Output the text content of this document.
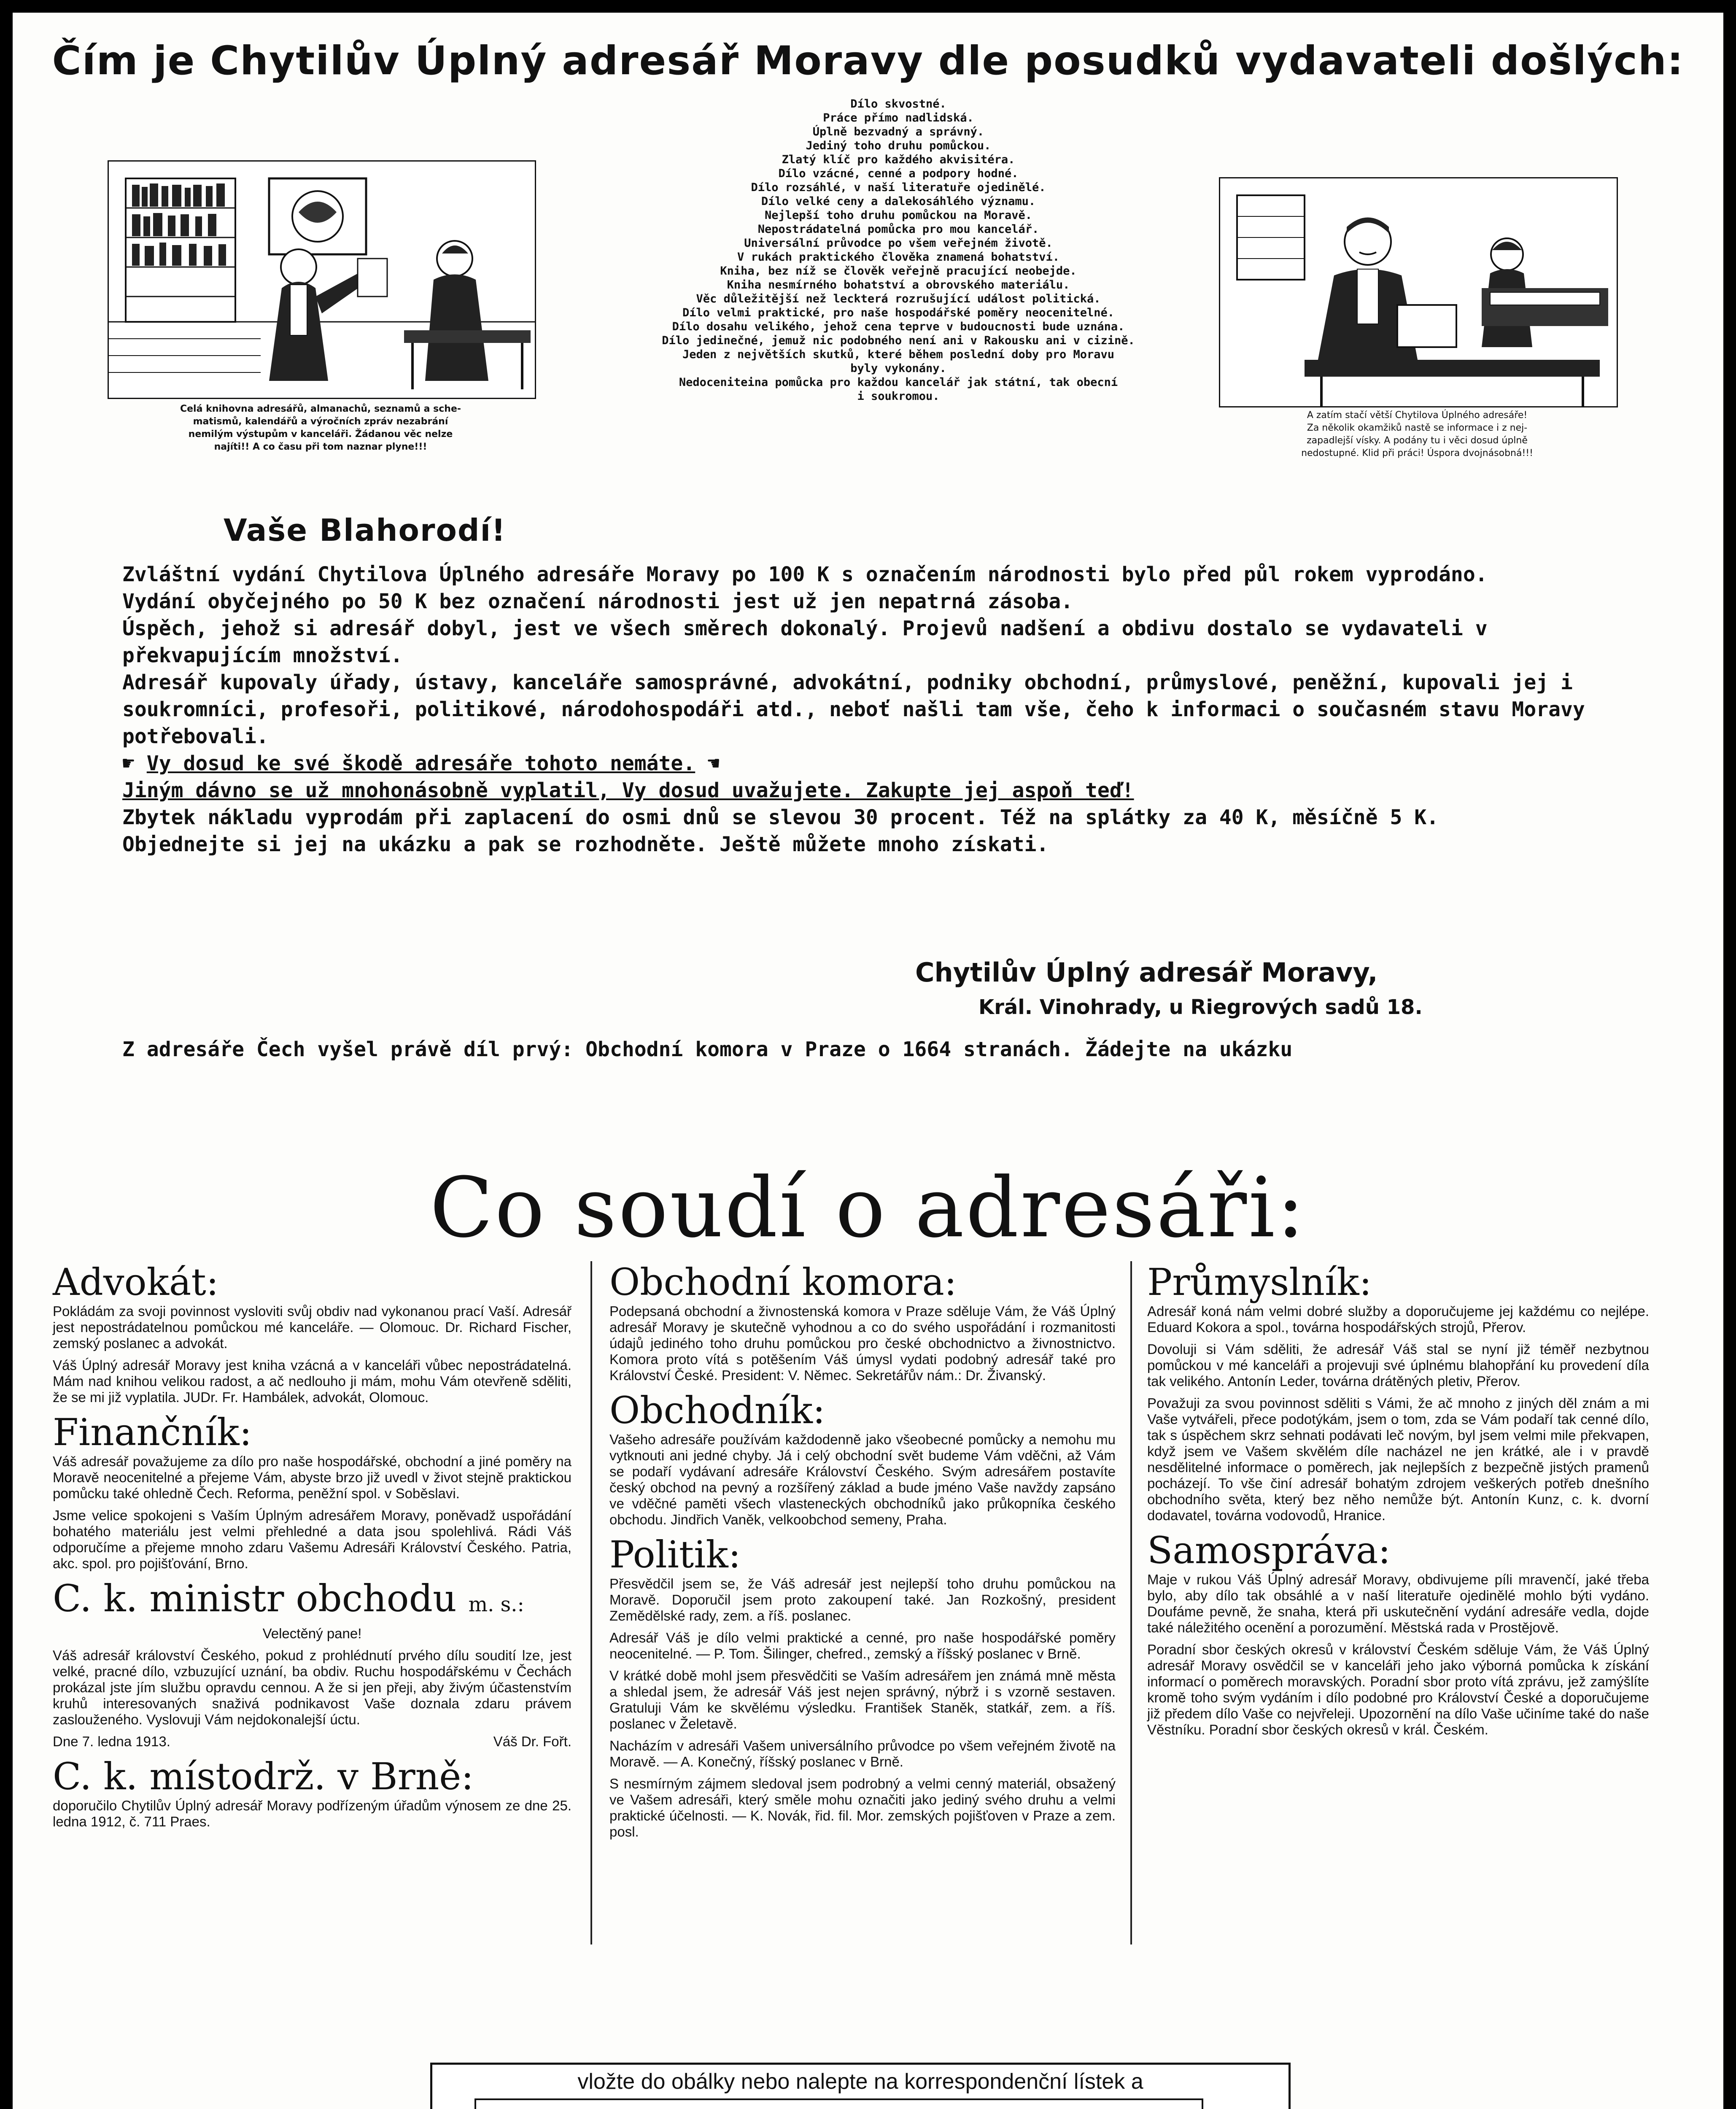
Čím je Chytilův Úplný adresář Moravy dle posudků vydavateli došlých:
Celá knihovna adresářů, almanachů, seznamů a sche-
matismů, kalendářů a výročních zpráv nezabrání
nemilým výstupům v kanceláři. Žádanou věc nelze
najíti!! A co času při tom naznar plyne!!!
Dílo skvostné.
Práce přímo nadlidská.
Úplně bezvadný a správný.
Jediný toho druhu pomůckou.
Zlatý klíč pro každého akvisitéra.
Dílo vzácné, cenné a podpory hodné.
Dílo rozsáhlé, v naší literatuře ojedinělé.
Dílo velké ceny a dalekosáhlého významu.
Nejlepší toho druhu pomůckou na Moravě.
Nepostrádatelná pomůcka pro mou kancelář.
Universální průvodce po všem veřejném životě.
V rukách praktického člověka znamená bohatství.
Kniha, bez níž se člověk veřejně pracující neobejde.
Kniha nesmírného bohatství a obrovského materiálu.
Věc důležitější než leckterá rozrušující událost politická.
Dílo velmi praktické, pro naše hospodářské poměry neocenitelné.
Dílo dosahu velikého, jehož cena teprve v budoucnosti bude uznána.
Dílo jedinečné, jemuž nic podobného není ani v Rakousku ani v cizině.
Jeden z největších skutků, které během poslední doby pro Moravu
byly vykonány.
Nedoceniteina pomůcka pro každou kancelář jak státní, tak obecní
i soukromou.
A zatím stačí větší Chytilova Úplného adresáře!
Za několik okamžiků nastě se informace i z nej-
zapadlejší vísky. A podány tu i věci dosud úplně
nedostupné. Klid při práci! Úspora dvojnásobná!!!
Vaše Blahorodí!

Zvláštní vydání Chytilova Úplného adresáře Moravy po 100 K s označením národnosti bylo před půl rokem vyprodáno.

Vydání obyčejného po 50 K bez označení národnosti jest už jen nepatrná zásoba.

Úspěch, jehož si adresář dobyl, jest ve všech směrech dokonalý. Projevů nadšení a obdivu dostalo se vydavateli v překvapujícím množství.

Adresář kupovaly úřady, ústavy, kanceláře samosprávné, advokátní, podniky obchodní, průmyslové, peněžní, kupovali jej i soukromníci, profesoři, politikové, národohospodáři atd., neboť našli tam vše, čeho k informaci o současném stavu Moravy potřebovali.

☛ Vy dosud ke své škodě adresáře tohoto nemáte. ☚

Jiným dávno se už mnohonásobně vyplatil, Vy dosud uvažujete. Zakupte jej aspoň teď!

Zbytek nákladu vyprodám při zaplacení do osmi dnů se slevou 30 procent. Též na splátky za 40 K, měsíčně 5 K.

Objednejte si jej na ukázku a pak se rozhodněte. Ještě můžete mnoho získati.

Chytilův Úplný adresář Moravy,
Král. Vinohrady, u Riegrových sadů 18.
Z adresáře Čech vyšel právě díl prvý: Obchodní komora v Praze o 1664 stranách. Žádejte na ukázku
Co soudí o adresáři:
Advokát:

Pokládám za svoji povinnost vysloviti svůj obdiv nad vykonanou prací Vaší. Adresář jest nepostrádatelnou pomůckou mé kanceláře. — Olomouc. Dr. Richard Fischer, zemský poslanec a advokát.

Váš Úplný adresář Moravy jest kniha vzácná a v kanceláři vůbec nepostrádatelná. Mám nad knihou velikou radost, a ač nedlouho ji mám, mohu Vám otevřeně sděliti, že se mi již vyplatila. JUDr. Fr. Hambálek, advokát, Olomouc.

Finančník:

Váš adresář považujeme za dílo pro naše hospodářské, obchodní a jiné poměry na Moravě neocenitelné a přejeme Vám, abyste brzo již uvedl v život stejně praktickou pomůcku také ohledně Čech. Reforma, peněžní spol. v Soběslavi.

Jsme velice spokojeni s Vaším Úplným adresářem Moravy, poněvadž uspořádání bohatého materiálu jest velmi přehledné a data jsou spolehlivá. Rádi Váš odporučíme a přejeme mnoho zdaru Vašemu Adresáři Království Českého. Patria, akc. spol. pro pojišťování, Brno.

C. k. ministr obchodu m. s.:

Velectěný pane!

Váš adresář království Českého, pokud z prohlédnutí prvého dílu soudití lze, jest velké, pracné dílo, vzbuzující uznání, ba obdiv. Ruchu hospodářskému v Čechách prokázal jste jím službu opravdu cennou. A že si jen přeji, aby živým účastenstvím kruhů interesovaných snaživá podnikavost Vaše doznala zdaru právem zaslouženého. Vyslovuji Vám nejdokonalejší úctu.

Dne 7. ledna 1913.	Váš Dr. Fořt.

C. k. místodrž. v Brně:

doporučilo Chytilův Úplný adresář Moravy podřízeným úřadům výnosem ze dne 25. ledna 1912, č. 711 Praes.

Obchodní komora:

Podepsaná obchodní a živnostenská komora v Praze sděluje Vám, že Váš Úplný adresář Moravy je skutečně vyhodnou a co do svého uspořádání i rozmanitosti údajů jediného toho druhu pomůckou pro české obchodnictvo a živnostnictvo. Komora proto vítá s potěšením Váš úmysl vydati podobný adresář také pro Království České. President: V. Němec. Sekretářův nám.: Dr. Živanský.

Obchodník:

Vašeho adresáře používám každodenně jako všeobecné pomůcky a nemohu mu vytknouti ani jedné chyby. Já i celý obchodní svět budeme Vám vděčni, až Vám se podaří vydávaní adresáře Království Českého. Svým adresářem postavíte český obchod na pevný a rozšířený základ a bude jméno Vaše navždy zapsáno ve vděčné paměti všech vlasteneckých obchodníků jako průkopníka českého obchodu. Jindřich Vaněk, velkoobchod semeny, Praha.

Politik:

Přesvědčil jsem se, že Váš adresář jest nejlepší toho druhu pomůckou na Moravě. Doporučil jsem proto zakoupení také. Jan Rozkošný, president Zemědělské rady, zem. a říš. poslanec.

Adresář Váš je dílo velmi praktické a cenné, pro naše hospodářské poměry neocenitelné. — P. Tom. Šilinger, chefred., zemský a říšský poslanec v Brně.

V krátké době mohl jsem přesvědčiti se Vaším adresářem jen známá mně města a shledal jsem, že adresář Váš jest nejen správný, nýbrž i s vzorně sestaven. Gratuluji Vám ke skvělému výsledku. František Staněk, statkář, zem. a říš. poslanec v Želetavě.

Nacházím v adresáři Vašem universálního průvodce po všem veřejném životě na Moravě. — A. Konečný, říšský poslanec v Brně.

S nesmírným zájmem sledoval jsem podrobný a velmi cenný materiál, obsažený ve Vašem adresáři, který směle mohu označiti jako jediný svého druhu a velmi praktické účelnosti. — K. Novák, řid. fil. Mor. zemských pojišťoven v Praze a zem. posl.

Průmyslník:

Adresář koná nám velmi dobré služby a doporučujeme jej každému co nejlépe. Eduard Kokora a spol., továrna hospodářských strojů, Přerov.

Dovoluji si Vám sděliti, že adresář Váš stal se nyní již téměř nezbytnou pomůckou v mé kanceláři a projevuji své úplnému blahopřání ku provedení díla tak velikého. Antonín Leder, továrna drátěných pletiv, Přerov.

Považuji za svou povinnost sděliti s Vámi, že ač mnoho z jiných děl znám a mi Vaše vytvářeli, přece podotýkám, jsem o tom, zda se Vám podaří tak cenné dílo, tak s úspěchem skrz sehnati podávati leč novým, byl jsem velmi mile překvapen, když jsem ve Vašem skvělém díle nacházel ne jen krátké, ale i v pravdě nesdělitelné informace o poměrech, jak nejlepších z bezpečně jistých pramenů pocházejí. To vše činí adresář bohatým zdrojem veškerých potřeb dnešního obchodního světa, který bez něho nemůže být. Antonín Kunz, c. k. dvorní dodavatel, továrna vodovodů, Hranice.

Samospráva:

Maje v rukou Váš Úplný adresář Moravy, obdivujeme píli mravenčí, jaké třeba bylo, aby dílo tak obsáhlé a v naší literatuře ojedinělé mohlo býti vydáno. Doufáme pevně, že snaha, která při uskutečnění vydání adresáře vedla, dojde také náležitého ocenění a porozumění. Městská rada v Prostějově.

Poradní sbor českých okresů v království Českém sděluje Vám, že Váš Úplný adresář Moravy osvědčil se v kanceláři jeho jako výborná pomůcka k získání informací o poměrech moravských. Poradní sbor proto vítá zprávu, jež zamýšlíte kromě toho svým vydáním i dílo podobné pro Království České a doporučujeme již předem dílo Vaše co nejvřeleji. Upozornění na dílo Vaše učiníme také do naše Věstníku. Poradní sbor českých okresů v král. Českém.

vložte do obálky nebo nalepte na korrespondenční lístek a
